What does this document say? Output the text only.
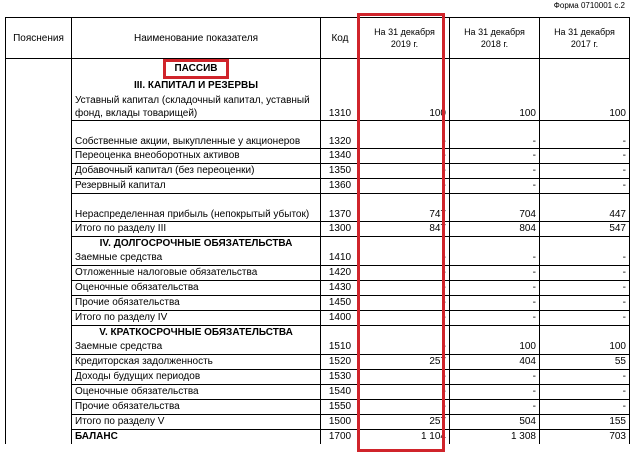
Форма 0710001 с.2
Пояснения	Наименование показателя	Код	На 31 декабря 2019 г.	На 31 декабря 2018 г.	На 31 декабря 2017 г.
	ПАССИВ				
	III. КАПИТАЛ И РЕЗЕРВЫ				
	Уставный капитал (складочный капитал, уставный фонд, вклады товарищей)	1310	100	100	100
	Собственные акции, выкупленные у акционеров	1320	-	-	-
	Переоценка внеоборотных активов	1340	-	-	-
	Добавочный капитал (без переоценки)	1350	-	-	-
	Резервный капитал	1360	-	-	-
	Нераспределенная прибыль (непокрытый убыток)	1370	747	704	447
	Итого по разделу III	1300	847	804	547
	IV. ДОЛГОСРОЧНЫЕ ОБЯЗАТЕЛЬСТВА				
	Заемные средства	1410	-	-	-
	Отложенные налоговые обязательства	1420	-	-	-
	Оценочные обязательства	1430	-	-	-
	Прочие обязательства	1450	-	-	-
	Итого по разделу IV	1400	-	-	-
	V. КРАТКОСРОЧНЫЕ ОБЯЗАТЕЛЬСТВА				
	Заемные средства	1510	-	100	100
	Кредиторская задолженность	1520	257	404	55
	Доходы будущих периодов	1530	-	-	-
	Оценочные обязательства	1540	-	-	-
	Прочие обязательства	1550	-	-	-
	Итого по разделу V	1500	257	504	155
	БАЛАНС	1700	1 104	1 308	703
